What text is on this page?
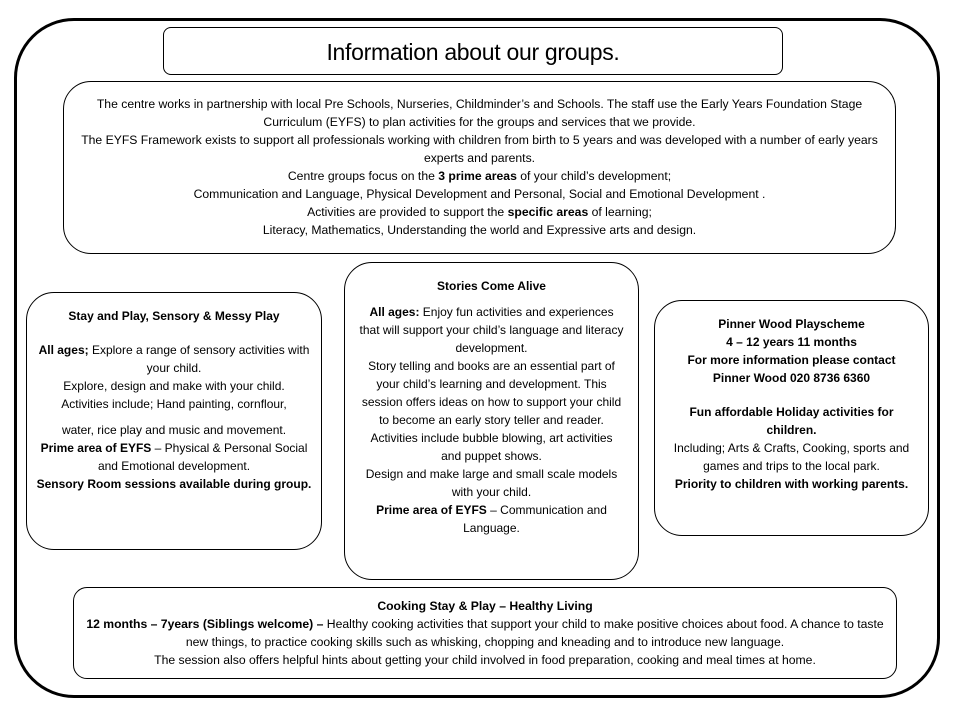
Information about our groups.
The centre works in partnership with local Pre Schools, Nurseries, Childminder’s and Schools. The staff use the Early Years Foundation Stage Curriculum (EYFS) to plan activities for the groups and services that we provide.
The EYFS Framework exists to support all professionals working with children from birth to 5 years and was developed with a number of early years experts and parents.
Centre groups focus on the 3 prime areas of your child’s development;
Communication and Language, Physical Development and Personal, Social and Emotional Development .
Activities are provided to support the specific areas of learning;
Literacy, Mathematics, Understanding the world and Expressive arts and design.
Stay and Play, Sensory & Messy Play
All ages; Explore a range of sensory activities with your child.
Explore, design and make with your child.
Activities include; Hand painting, cornflour,
water, rice play and music and movement.
Prime area of EYFS – Physical & Personal Social and Emotional development.
Sensory Room sessions available during group.
Stories Come Alive
All ages: Enjoy fun activities and experiences that will support your child’s language and literacy development.
Story telling and books are an essential part of your child’s learning and development. This session offers ideas on how to support your child to become an early story teller and reader.
Activities include bubble blowing, art activities and puppet shows.
Design and make large and small scale models with your child.
Prime area of EYFS – Communication and Language.
Pinner Wood Playscheme
4 – 12 years 11 months
For more information please contact
Pinner Wood 020 8736 6360
Fun affordable Holiday activities for children.
Including; Arts & Crafts, Cooking, sports and games and trips to the local park.
Priority to children with working parents.
Cooking Stay & Play – Healthy Living
12 months – 7years (Siblings welcome) – Healthy cooking activities that support your child to make positive choices about food. A chance to taste new things, to practice cooking skills such as whisking, chopping and kneading and to introduce new language.
The session also offers helpful hints about getting your child involved in food preparation, cooking and meal times at home.
